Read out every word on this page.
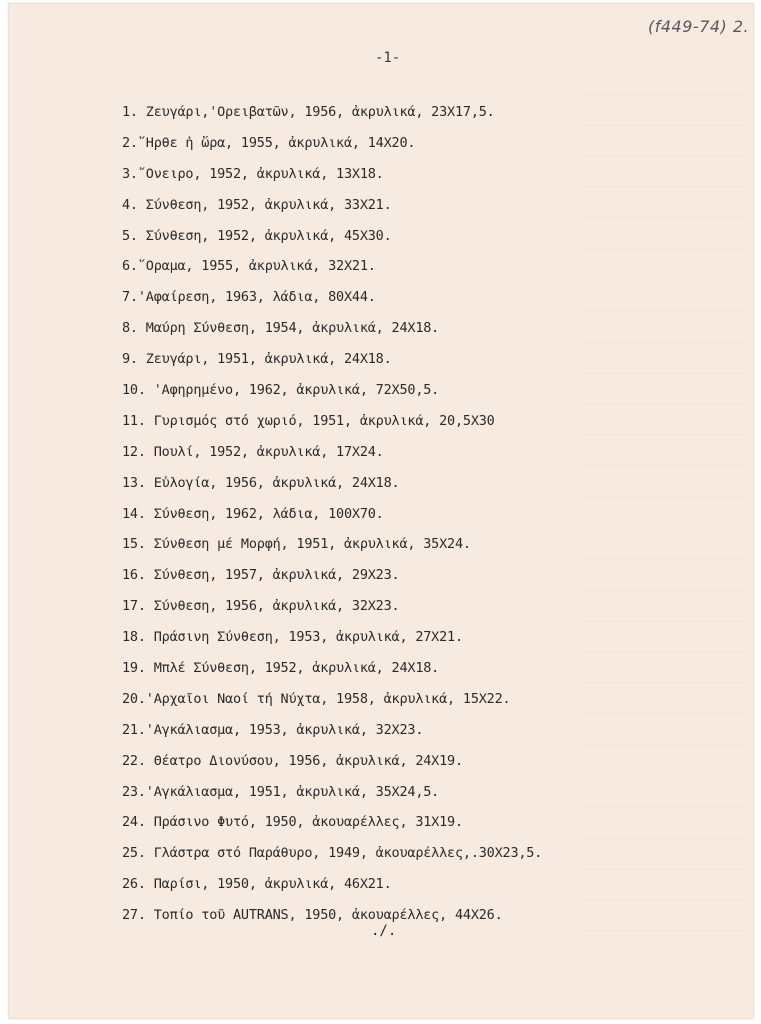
(f449-74) 2.
-1-
1. Ζευγάρι,'Ορειβατῶν, 1956, ἀκρυλικά, 23Χ17,5.
2.῞Ηρθε ἡ ὥρα, 1955, ἀκρυλικά, 14Χ20.
3.῎Ονειρο, 1952, ἀκρυλικά, 13Χ18.
4. Σύνθεση, 1952, ἀκρυλικά, 33Χ21.
5. Σύνθεση, 1952, ἀκρυλικά, 45Χ30.
6.῞Οραμα, 1955, ἀκρυλικά, 32Χ21.
7.'Αφαίρεση, 1963, λάδια, 80Χ44.
8. Μαύρη Σύνθεση, 1954, ἀκρυλικά, 24Χ18.
9. Ζευγάρι, 1951, ἀκρυλικά, 24Χ18.
10. 'Αφηρημένο, 1962, ἀκρυλικά, 72Χ50,5.
11. Γυρισμός στό χωριό, 1951, ἀκρυλικά, 20,5Χ30
12. Πουλί, 1952, ἀκρυλικά, 17Χ24.
13. Εὐλογία, 1956, ἀκρυλικά, 24Χ18.
14. Σύνθεση, 1962, λάδια, 100Χ70.
15. Σύνθεση μέ Μορφή, 1951, ἀκρυλικά, 35Χ24.
16. Σύνθεση, 1957, ἀκρυλικά, 29Χ23.
17. Σύνθεση, 1956, ἀκρυλικά, 32Χ23.
18. Πράσινη Σύνθεση, 1953, ἀκρυλικά, 27Χ21.
19. Μπλέ Σύνθεση, 1952, ἀκρυλικά, 24Χ18.
20.'Αρχαῖοι Ναοί τή Νύχτα, 1958, ἀκρυλικά, 15Χ22.
21.'Αγκάλιασμα, 1953, ἀκρυλικά, 32Χ23.
22. Θέατρο Διονύσου, 1956, ἀκρυλικά, 24Χ19.
23.'Αγκάλιασμα, 1951, ἀκρυλικά, 35Χ24,5.
24. Πράσινο Φυτό, 1950, ἀκουαρέλλες, 31Χ19.
25. Γλάστρα στό Παράθυρο, 1949, ἀκουαρέλλες,.30Χ23,5.
26. Παρίσι, 1950, ἀκρυλικά, 46Χ21.
27. Τοπίο τοῦ AUTRANS, 1950, ἀκουαρέλλες, 44Χ26.
./.
